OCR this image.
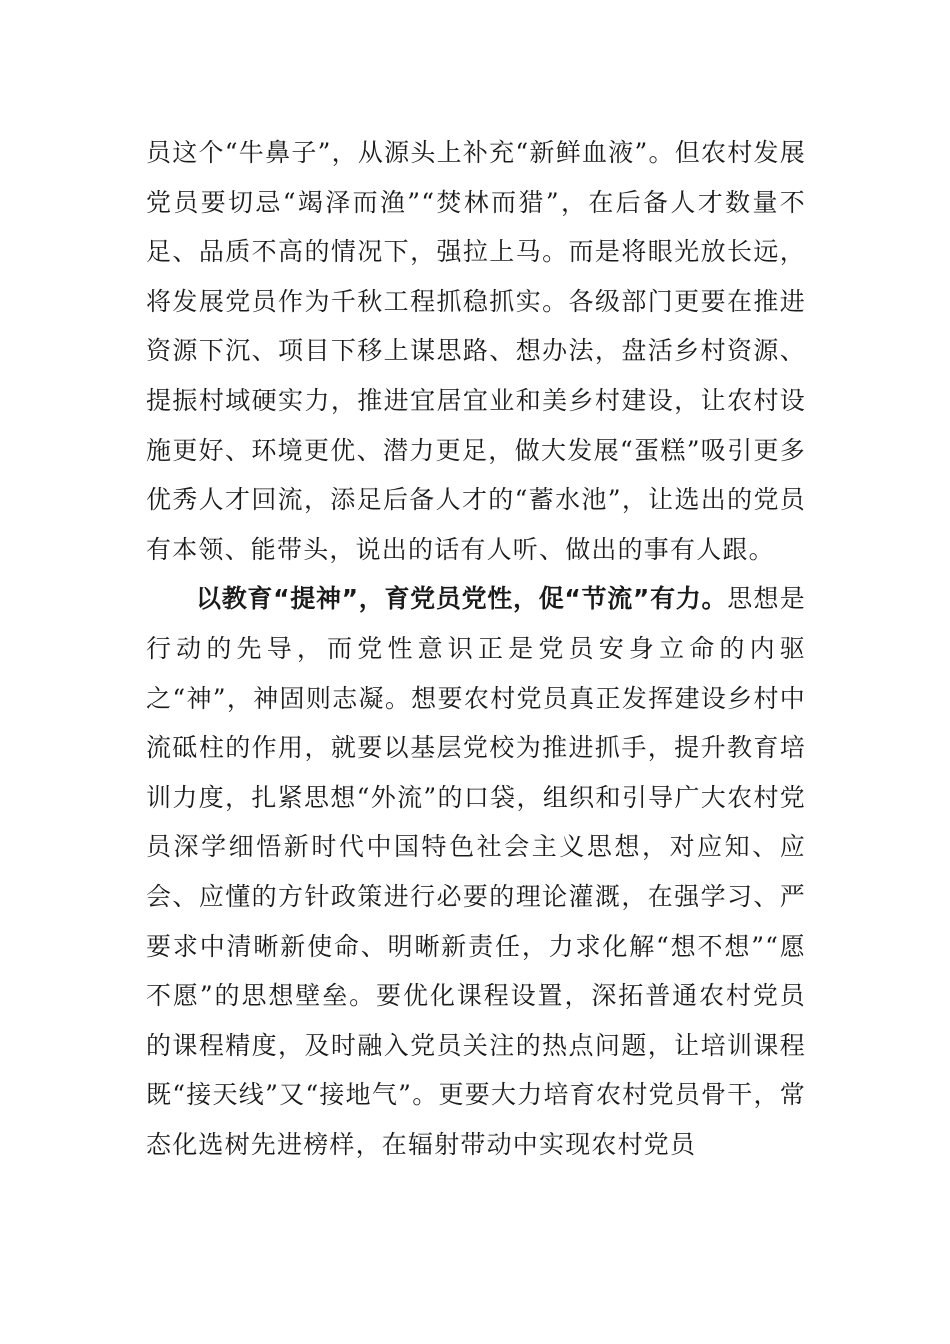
员这个“牛鼻子”，从源头上补充“新鲜血液”。但农村发展党员要切忌“竭泽而渔”“焚林而猎”，在后备人才数量不足、品质不高的情况下，强拉上马。而是将眼光放长远，将发展党员作为千秋工程抓稳抓实。各级部门更要在推进资源下沉、项目下移上谋思路、想办法，盘活乡村资源、提振村域硬实力，推进宜居宜业和美乡村建设，让农村设施更好、环境更优、潜力更足，做大发展“蛋糕”吸引更多优秀人才回流，添足后备人才的“蓄水池”，让选出的党员有本领、能带头，说出的话有人听、做出的事有人跟。

以教育“提神”，育党员党性，促“节流”有力。思想是行动的先导，而党性意识正是党员安身立命的内驱之“神”，神固则志凝。想要农村党员真正发挥建设乡村中流砥柱的作用，就要以基层党校为推进抓手，提升教育培训力度，扎紧思想“外流”的口袋，组织和引导广大农村党员深学细悟新时代中国特色社会主义思想，对应知、应会、应懂的方针政策进行必要的理论灌溉，在强学习、严要求中清晰新使命、明晰新责任，力求化解“想不想”“愿不愿”的思想壁垒。要优化课程设置，深拓普通农村党员的课程精度，及时融入党员关注的热点问题，让培训课程既“接天线”又“接地气”。更要大力培育农村党员骨干，常态化选树先进榜样，在辐射带动中实现农村党员
